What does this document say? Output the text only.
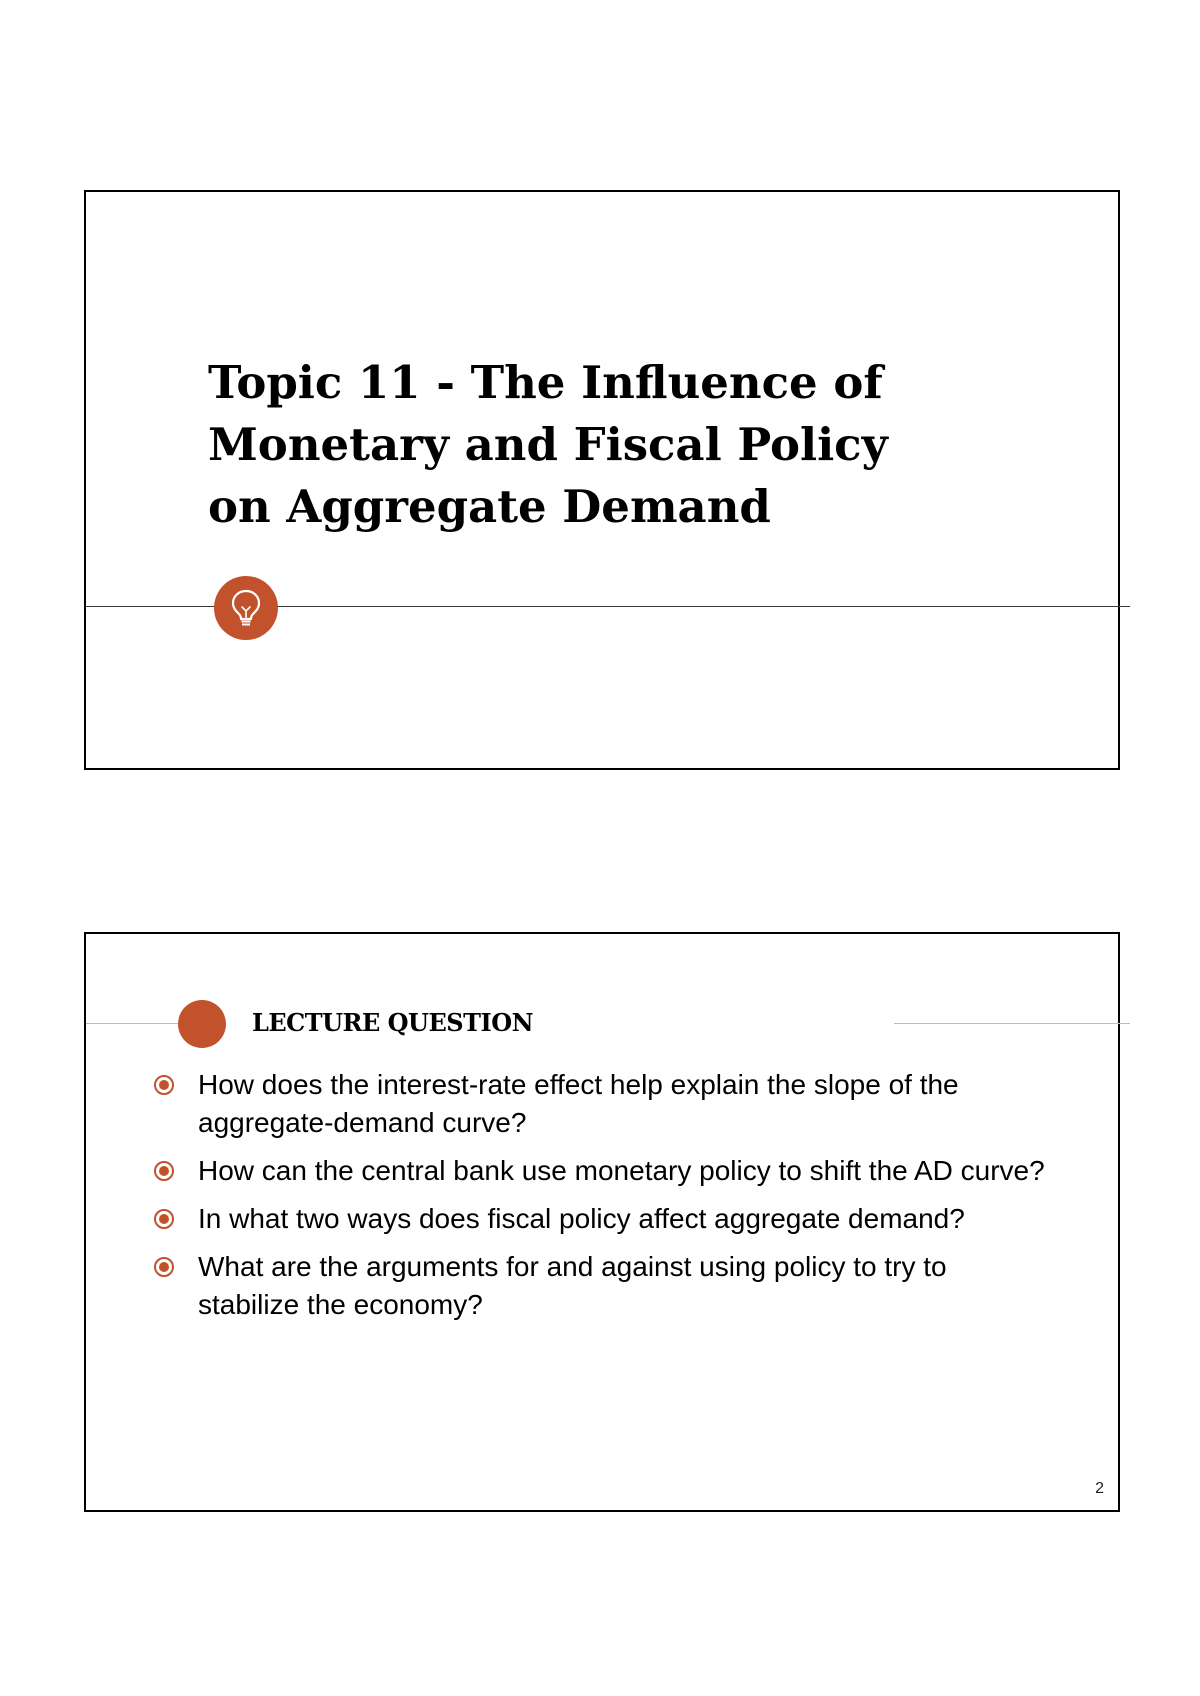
Topic 11 - The Influence of
Monetary and Fiscal Policy
on Aggregate Demand
LECTURE QUESTION
How does the interest-rate effect help explain the slope of the aggregate-demand curve?
How can the central bank use monetary policy to shift the AD curve?
In what two ways does fiscal policy affect aggregate demand?
What are the arguments for and against using policy to try to stabilize the economy?
2
